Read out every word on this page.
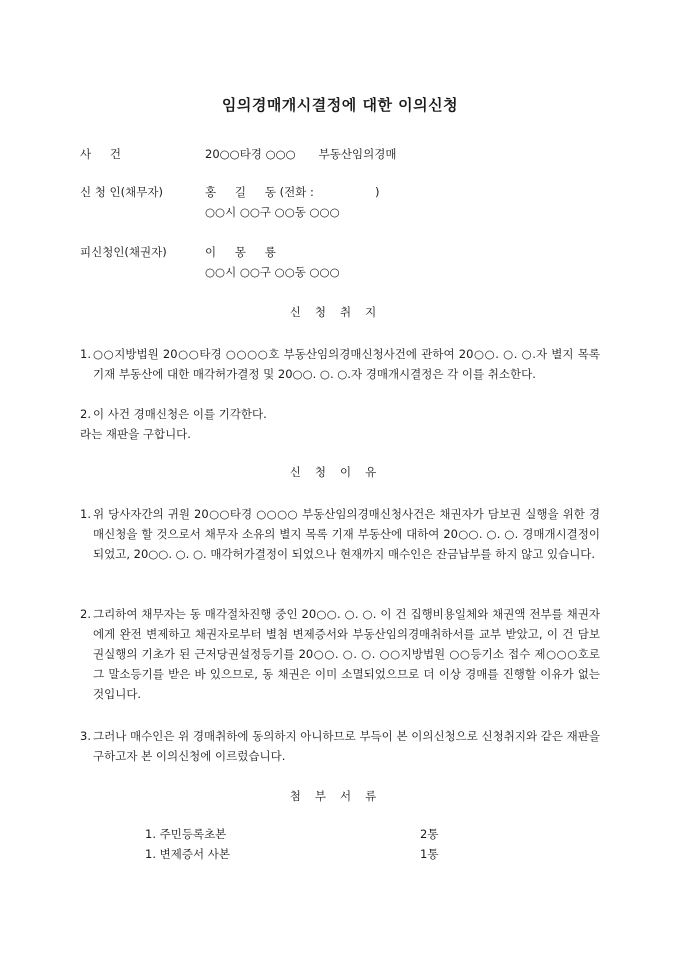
임의경매개시결정에 대한 이의신청
사 　 건	20○○타경 ○○○　　부동산임의경매
신 청 인(채무자)	홍 　 길 　 동 (전화 :　　　　　 )
○○시 ○○구 ○○동 ○○○
피신청인(채권자)	이 　 몽 　 룡
○○시 ○○구 ○○동 ○○○
신청취지
1. ○○지방법원 20○○타경 ○○○○호 부동산임의경매신청사건에 관하여 20○○. ○. ○.자 별지 목록 기재 부동산에 대한 매각허가결정 및 20○○. ○. ○.자 경매개시결정은 각 이를 취소한다.
2. 이 사건 경매신청은 이를 기각한다.
라는 재판을 구합니다.
신청이유
1. 위 당사자간의 귀원 20○○타경 ○○○○ 부동산임의경매신청사건은 채권자가 담보권 실행을 위한 경매신청을 할 것으로서 채무자 소유의 별지 목록 기재 부동산에 대하여 20○○. ○. ○. 경매개시결정이 되었고, 20○○. ○. ○. 매각허가결정이 되었으나 현재까지 매수인은 잔금납부를 하지 않고 있습니다.
2. 그리하여 채무자는 동 매각절차진행 중인 20○○. ○. ○. 이 건 집행비용일체와 채권액 전부를 채권자에게 완전 변제하고 채권자로부터 별첨 변제증서와 부동산임의경매취하서를 교부 받았고, 이 건 담보권실행의 기초가 된 근저당권설정등기를 20○○. ○. ○. ○○지방법원 ○○등기소 접수 제○○○호로 그 말소등기를 받은 바 있으므로, 동 채권은 이미 소멸되었으므로 더 이상 경매를 진행할 이유가 없는 것입니다.
3. 그러나 매수인은 위 경매취하에 동의하지 아니하므로 부득이 본 이의신청으로 신청취지와 같은 재판을 구하고자 본 이의신청에 이르렀습니다.
첨부서류
1. 주민등록초본	2통
1. 변제증서 사본	1통
